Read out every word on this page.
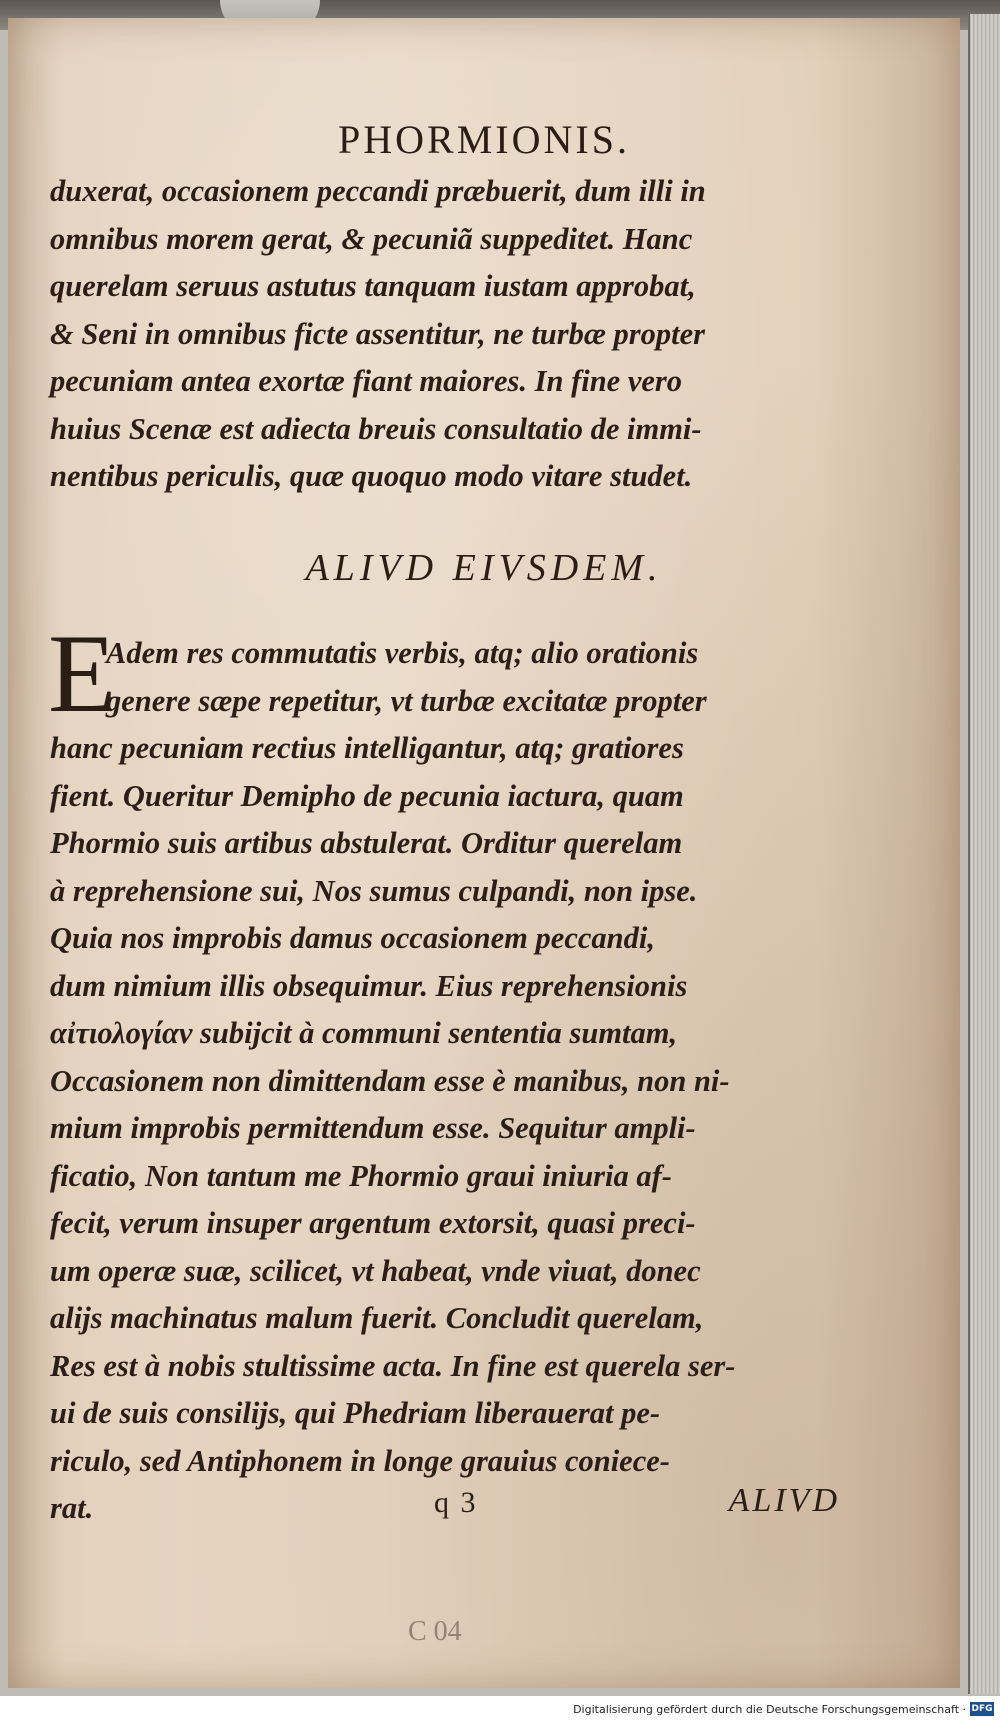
PHORMIONIS.
duxerat, occasionem peccandi præbuerit, dum illi in
omnibus morem gerat, & pecuniã suppeditet. Hanc
querelam seruus astutus tanquam iustam approbat,
& Seni in omnibus ficte assentitur, ne turbæ propter
pecuniam antea exortæ fiant maiores. In fine vero
huius Scenæ est adiecta breuis consultatio de immi-
nentibus periculis, quæ quoquo modo vitare studet.
ALIVD EIVSDEM.
E
Adem res commutatis verbis, atq; alio orationis
genere sæpe repetitur, vt turbæ excitatæ propter
hanc pecuniam rectius intelligantur, atq; gratiores
fient. Queritur Demipho de pecunia iactura, quam
Phormio suis artibus abstulerat. Orditur querelam
à reprehensione sui, Nos sumus culpandi, non ipse.
Quia nos improbis damus occasionem peccandi,
dum nimium illis obsequimur. Eius reprehensionis
αἰτιολογίαν subijcit à communi sententia sumtam,
Occasionem non dimittendam esse è manibus, non ni-
mium improbis permittendum esse. Sequitur ampli-
ficatio, Non tantum me Phormio graui iniuria af-
fecit, verum insuper argentum extorsit, quasi preci-
um operæ suæ, scilicet, vt habeat, vnde viuat, donec
alijs machinatus malum fuerit. Concludit querelam,
Res est à nobis stultissime acta. In fine est querela ser-
ui de suis consilijs, qui Phedriam liberauerat pe-
riculo, sed Antiphonem in longe grauius coniece-
rat.	q 3	ALIVD
C 04
Digitalisierung gefördert durch die Deutsche Forschungsgemeinschaft · DFG
